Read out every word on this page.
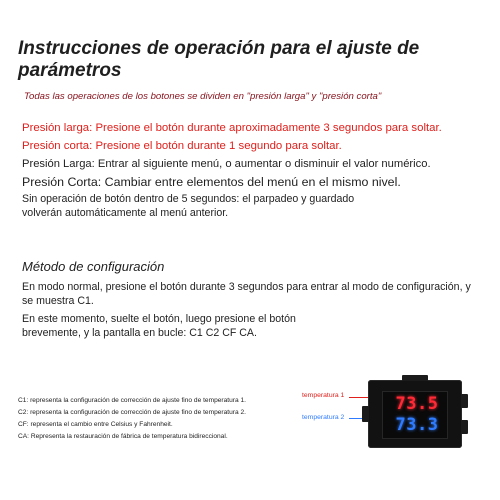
Instrucciones de operación para el ajuste de parámetros
Todas las operaciones de los botones se dividen en "presión larga" y "presión corta"
Presión larga: Presione el botón durante aproximadamente 3 segundos para soltar.
Presión corta: Presione el botón durante 1 segundo para soltar.
Presión Larga: Entrar al siguiente menú, o aumentar o disminuir el valor numérico.
Presión Corta: Cambiar entre elementos del menú en el mismo nivel.
Sin operación de botón dentro de 5 segundos: el parpadeo y guardado volverán automáticamente al menú anterior.
Método de configuración
En modo normal, presione el botón durante 3 segundos para entrar al modo de configuración, y se muestra C1.
En este momento, suelte el botón, luego presione el botón brevemente, y la pantalla en bucle: C1 C2 CF CA.
C1: representa la configuración de corrección de ajuste fino de temperatura 1.
C2: representa la configuración de corrección de ajuste fino de temperatura 2.
CF: representa el cambio entre Celsius y Fahrenheit.
CA: Representa la restauración de fábrica de temperatura bidireccional.
temperatura 1
temperatura 2
73.5
73.3
